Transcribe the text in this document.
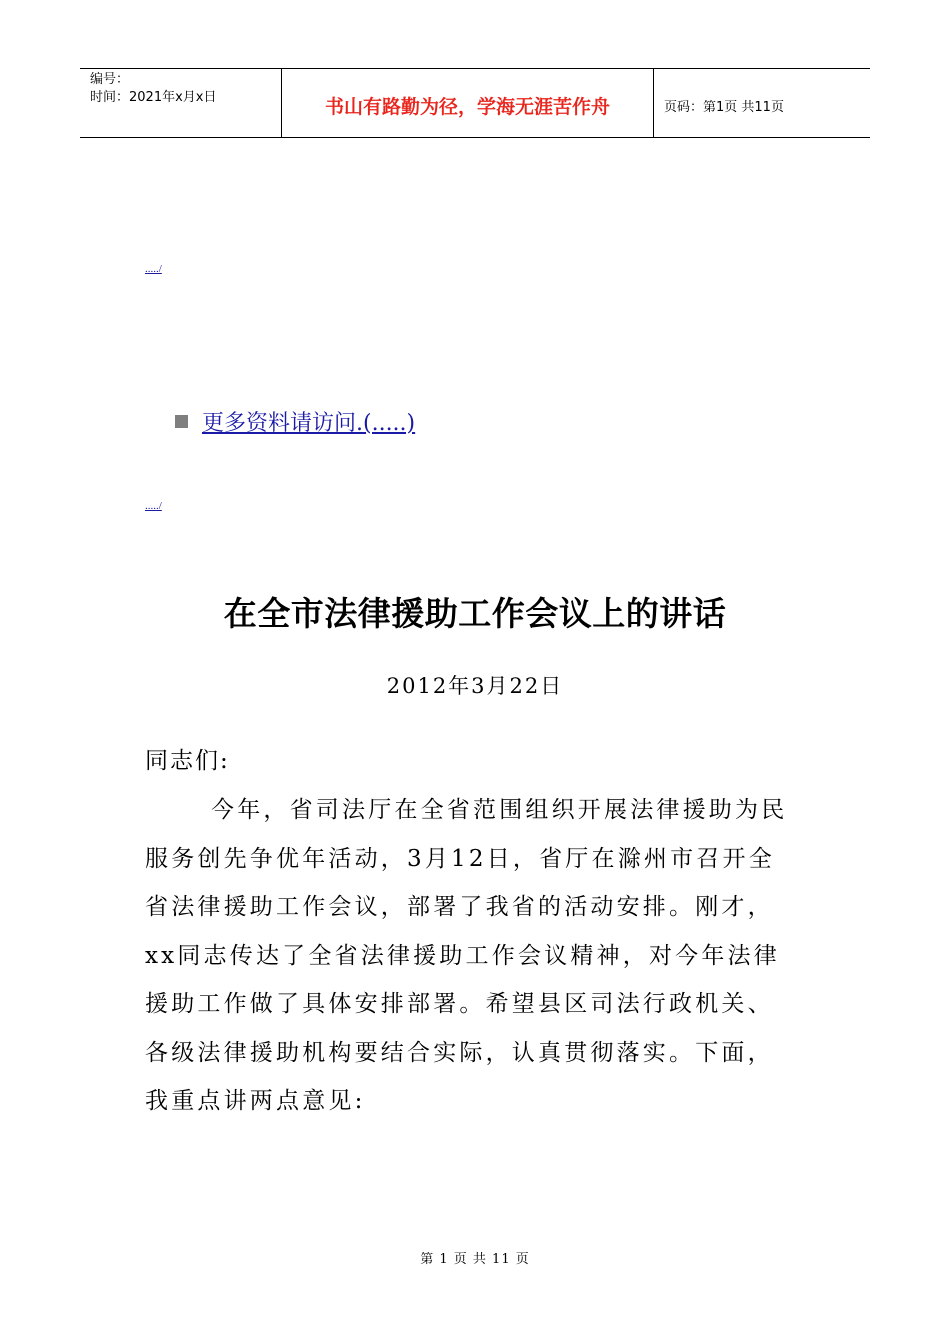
编号：
时间：2021年x月x日	书山有路勤为径，学海无涯苦作舟	页码：第1页 共11页
...../
更多资料请访问.(.....)
...../
在全市法律援助工作会议上的讲话
2012年3月22日
同志们:
今年，省司法厅在全省范围组织开展法律援助为民
服务创先争优年活动，3月12日，省厅在滁州市召开全
省法律援助工作会议，部署了我省的活动安排。刚才，
xx同志传达了全省法律援助工作会议精神，对今年法律
援助工作做了具体安排部署。希望县区司法行政机关、
各级法律援助机构要结合实际，认真贯彻落实。下面，
我重点讲两点意见:
第 1 页 共 11 页
